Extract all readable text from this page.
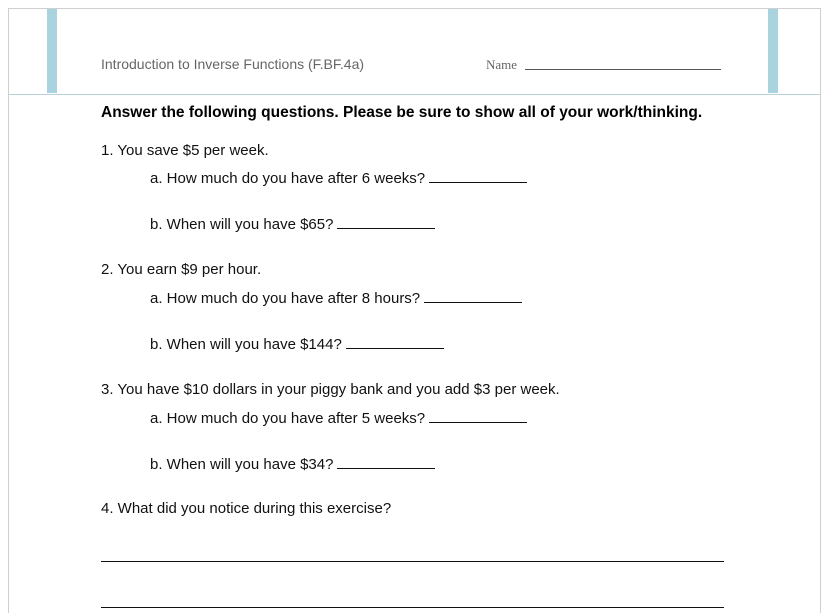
Introduction to Inverse Functions (F.BF.4a)	Name
Answer the following questions. Please be sure to show all of your work/thinking.
1. You save $5 per week.
a. How much do you have after 6 weeks?
b. When will you have $65?
2. You earn $9 per hour.
a. How much do you have after 8 hours?
b. When will you have $144?
3. You have $10 dollars in your piggy bank and you add $3 per week.
a. How much do you have after 5 weeks?
b. When will you have $34?
4. What did you notice during this exercise?
